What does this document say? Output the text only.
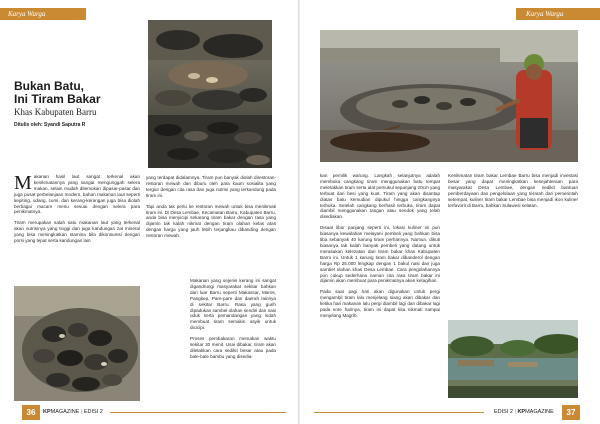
Karya Warga
Bukan Batu,
Ini Tiram Bakar
Khas Kabupaten Barru
Ditulis oleh: Syandi Saputra R

Makanan hasil laut sangat terkenal akan kenikmatannya yang sangat mengunggah selera makan, selain mudah ditemukan dipasar-pasar dan juga pusat perbelanjaan modern, bahan makanan laut seperti kepiting, udang, cumi, dan kerang-kerangan juga bisa diolah berbagai macam menu sesuai dengan selera para penikmatnya.

Tiram merupakan salah satu makanan laut yang terkenal akan nutrisinya yang tinggi dan juga kandungan zat mineral yang bisa meningkatkan stamina bila dikonsumsi dengan porsi yang tepat serta kandungan lain

yang terdapat didalamnya. Tiram pun banyak diolah direstoran-restoran mewah dan diburu oleh para kaum sosialita yang tergiur dengan cita rasa dan juga nutrisi yang terkandung pada tiram ini.

Tapi anda tak perlu ke restoran mewah untuk bisa menikmati tiram ini. Di Desa Lembae, Kecamatan Barru, Kabupaten Barru, anda bisa menyicipi sekarang tiram bakar dengan rasa yang dijamin tak kalah nikmat dengan tiram olahan kelas atas dengan harga yang jauh lebih terjangkau dibanding dengan restoran mewah.

Makanan yang sejenis kerang ini sangat digandrungi masyarakat sekitar bahkan dari luar Barru seperti Makassar, Maros, Pangkep, Pare-pare dan daerah lainnya di sekitar Barru. Rasa yang gurih dipadukan sambel olahan sendiri dan nasi uduk serta pemandangan yang indah membuat tiram semakin asyik untuk dicicipi.

Proses pembakaran memakan waktu sekitar 30 menit. Usai dibakar, tiram akan diletakkan cara sedikit besar atau pada bale-bale bambu yang disedia-

36	KPMAGAZINE | EDISI 2
Karya Warga

kan pemilik warung. Langkah selanjutnya adalah membuka cangkang tiram menggunakan batu tempat meletakkan tiram serta alat pemukul sepanjang 20cm yang terbuat dari besi yang kuat. Tiram yang akan disantap diatas batu kemudian dipukul hingga cangkangnya terbuka. Setelah cangkang berhasil terbuka, tiram dapat diambil menggunakan tangan atau sendok yang telah disediakan.

Disaat libur panjang seperti ini, lokasi kuliner ini pun biasanya kewalahan melayani pembeli yang bahkan bisa tiba sebanyak 40 karung tiram perharinya. Namun, dikuti biasanya tak kalah banyak pembeli yang datang untuk merasakan kelezatan dari tiram bakar khas Kabupaten Barru ini. Untuk 1 karung tiram bakar dibanderol dengan harga Rp 25.000 lengkap dengan 1 bakul nasi dan juga sambel olahan khas Desa Lembae. Cara pengolahannya pun cukup sederhana namun cita rasa tiram bakar ini dijamin akan membuat para penikmatnya akan ketagihan.

Pada saat pagi hari akan digunakan untuk pergi mengambil tiram lalu menjelang siang akan dibakar dan ketika hari makanan lalu pergi diambil lagi dan dibakar lagi pada sore harinya, tiram ini dapat kita nikmati sampai menjelang Magrib.

Kenikmatan tiram bakar Lembae Barru bisa menjadi investasi besar yang dapat meningkatkan kesejahteraan para masyarakat Desa Lembae, dengan sedikit bantuan pemberdayaan dan pengelolaan yang terarah dari pemerintah setempat, kuliner tiram bakar Lembae bisa menjadi ikon kuliner terfavorit di Barru, bahkan Sulawesi selatan.

EDISI 2 | KPMAGAZINE	37
